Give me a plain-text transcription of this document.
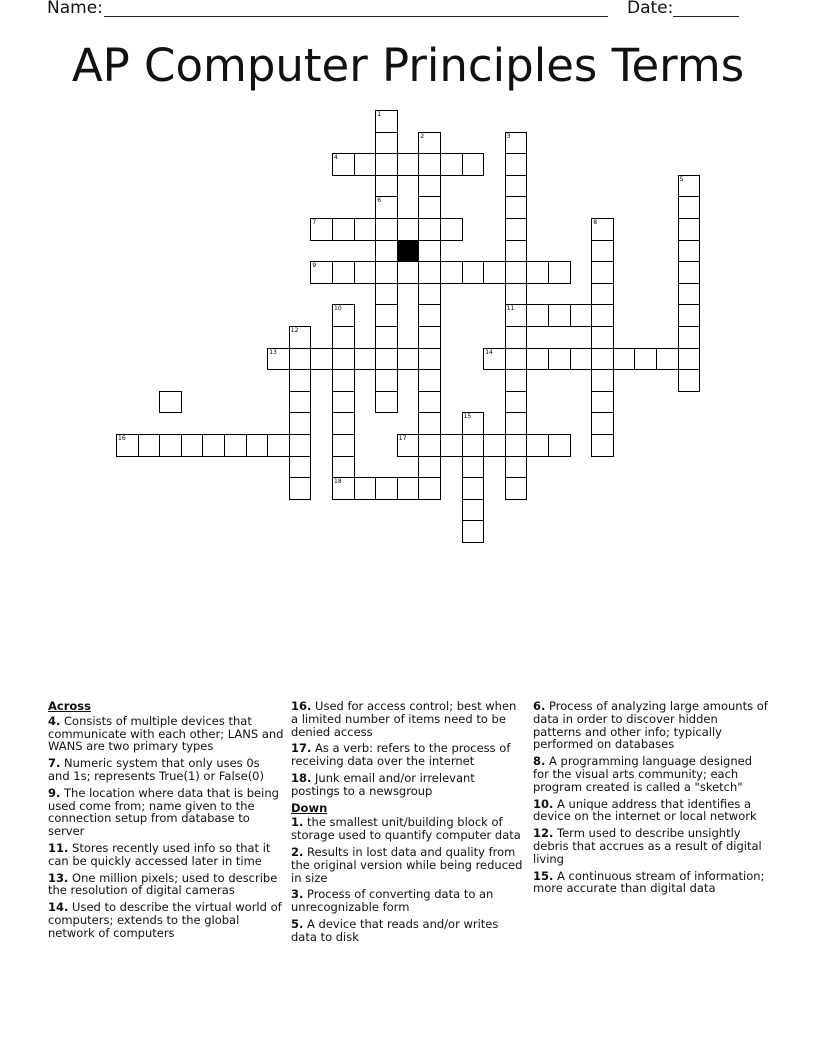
Name:	Date:
AP Computer Principles Terms
1
2	3
4
5
6
7	8
9
10	11
12
13	14
15
16	17
18
Across
4. Consists of multiple devices that communicate with each other; LANS and WANS are two primary types
7. Numeric system that only uses 0s and 1s; represents True(1) or False(0)
9. The location where data that is being used come from; name given to the connection setup from database to server
11. Stores recently used info so that it can be quickly accessed later in time
13. One million pixels; used to describe the resolution of digital cameras
14. Used to describe the virtual world of computers; extends to the global network of computers
16. Used for access control; best when a limited number of items need to be denied access
17. As a verb: refers to the process of receiving data over the internet
18. Junk email and/or irrelevant postings to a newsgroup
Down
1. the smallest unit/building block of storage used to quantify computer data
2. Results in lost data and quality from the original version while being reduced in size
3. Process of converting data to an unrecognizable form
5. A device that reads and/or writes data to disk
6. Process of analyzing large amounts of data in order to discover hidden patterns and other info; typically performed on databases
8. A programming language designed for the visual arts community; each program created is called a "sketch"
10. A unique address that identifies a device on the internet or local network
12. Term used to describe unsightly debris that accrues as a result of digital living
15. A continuous stream of information; more accurate than digital data
